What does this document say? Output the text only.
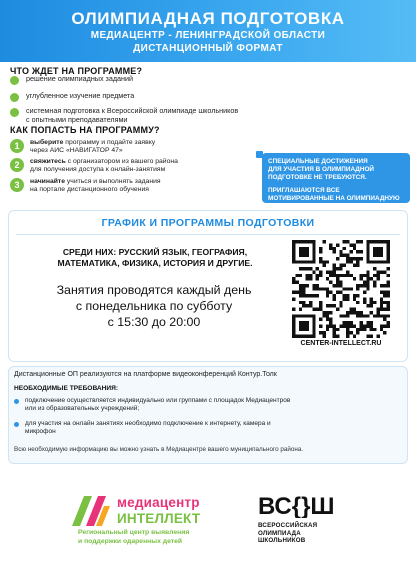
ОЛИМПИАДНАЯ ПОДГОТОВКА
МЕДИАЦЕНТР - ЛЕНИНГРАДСКОЙ ОБЛАСТИ
ДИСТАНЦИОННЫЙ ФОРМАТ
ЧТО ЖДЕТ НА ПРОГРАММЕ?
решение олимпиадных заданий
углубленное изучение предмета
системная подготовка к Всероссийской олимпиаде школьников
с опытными преподавателями
КАК ПОПАСТЬ НА ПРОГРАММУ?
1	выберите программу и подайте заявку
через АИС «НАВИГАТОР 47»
2	свяжитесь с организатором из вашего района
для получения доступа к онлайн-занятиям
3	начинайте учиться и выполнять задания
на портале дистанционного обучения
СПЕЦИАЛЬНЫЕ ДОСТИЖЕНИЯ
ДЛЯ УЧАСТИЯ В ОЛИМПИАДНОЙ
ПОДГОТОВКЕ НЕ ТРЕБУЮТСЯ.
ПРИГЛАШАЮТСЯ ВСЕ
МОТИВИРОВАННЫЕ НА ОЛИМПИАДНУЮ
ПОДГОТОВКУ ШКОЛЬНИКИ
ГРАФИК И ПРОГРАММЫ ПОДГОТОВКИ
СРЕДИ НИХ: РУССКИЙ ЯЗЫК, ГЕОГРАФИЯ,
МАТЕМАТИКА, ФИЗИКА, ИСТОРИЯ И ДРУГИЕ.
Занятия проводятся каждый день
с понедельника по субботу
с 15:30 до 20:00
CENTER-INTELLECT.RU
Дистанционные ОП реализуются на платформе видеоконференций Контур.Толк
НЕОБХОДИМЫЕ ТРЕБОВАНИЯ:
подключение осуществляется индивидуально или группами с площадок Медиацентров
или из образовательных учреждений;
для участия на онлайн занятиях необходимо подключение к интернету, камера и
микрофон
Всю необходимую информацию вы можно узнать в Медиацентре вашего муниципального района.
медиацентр
ИНТЕЛЛЕКТ
Региональный центр выявления
и поддержки одаренных детей
ВС{}Ш
ВСЕРОССИЙСКАЯ
ОЛИМПИАДА
ШКОЛЬНИКОВ
